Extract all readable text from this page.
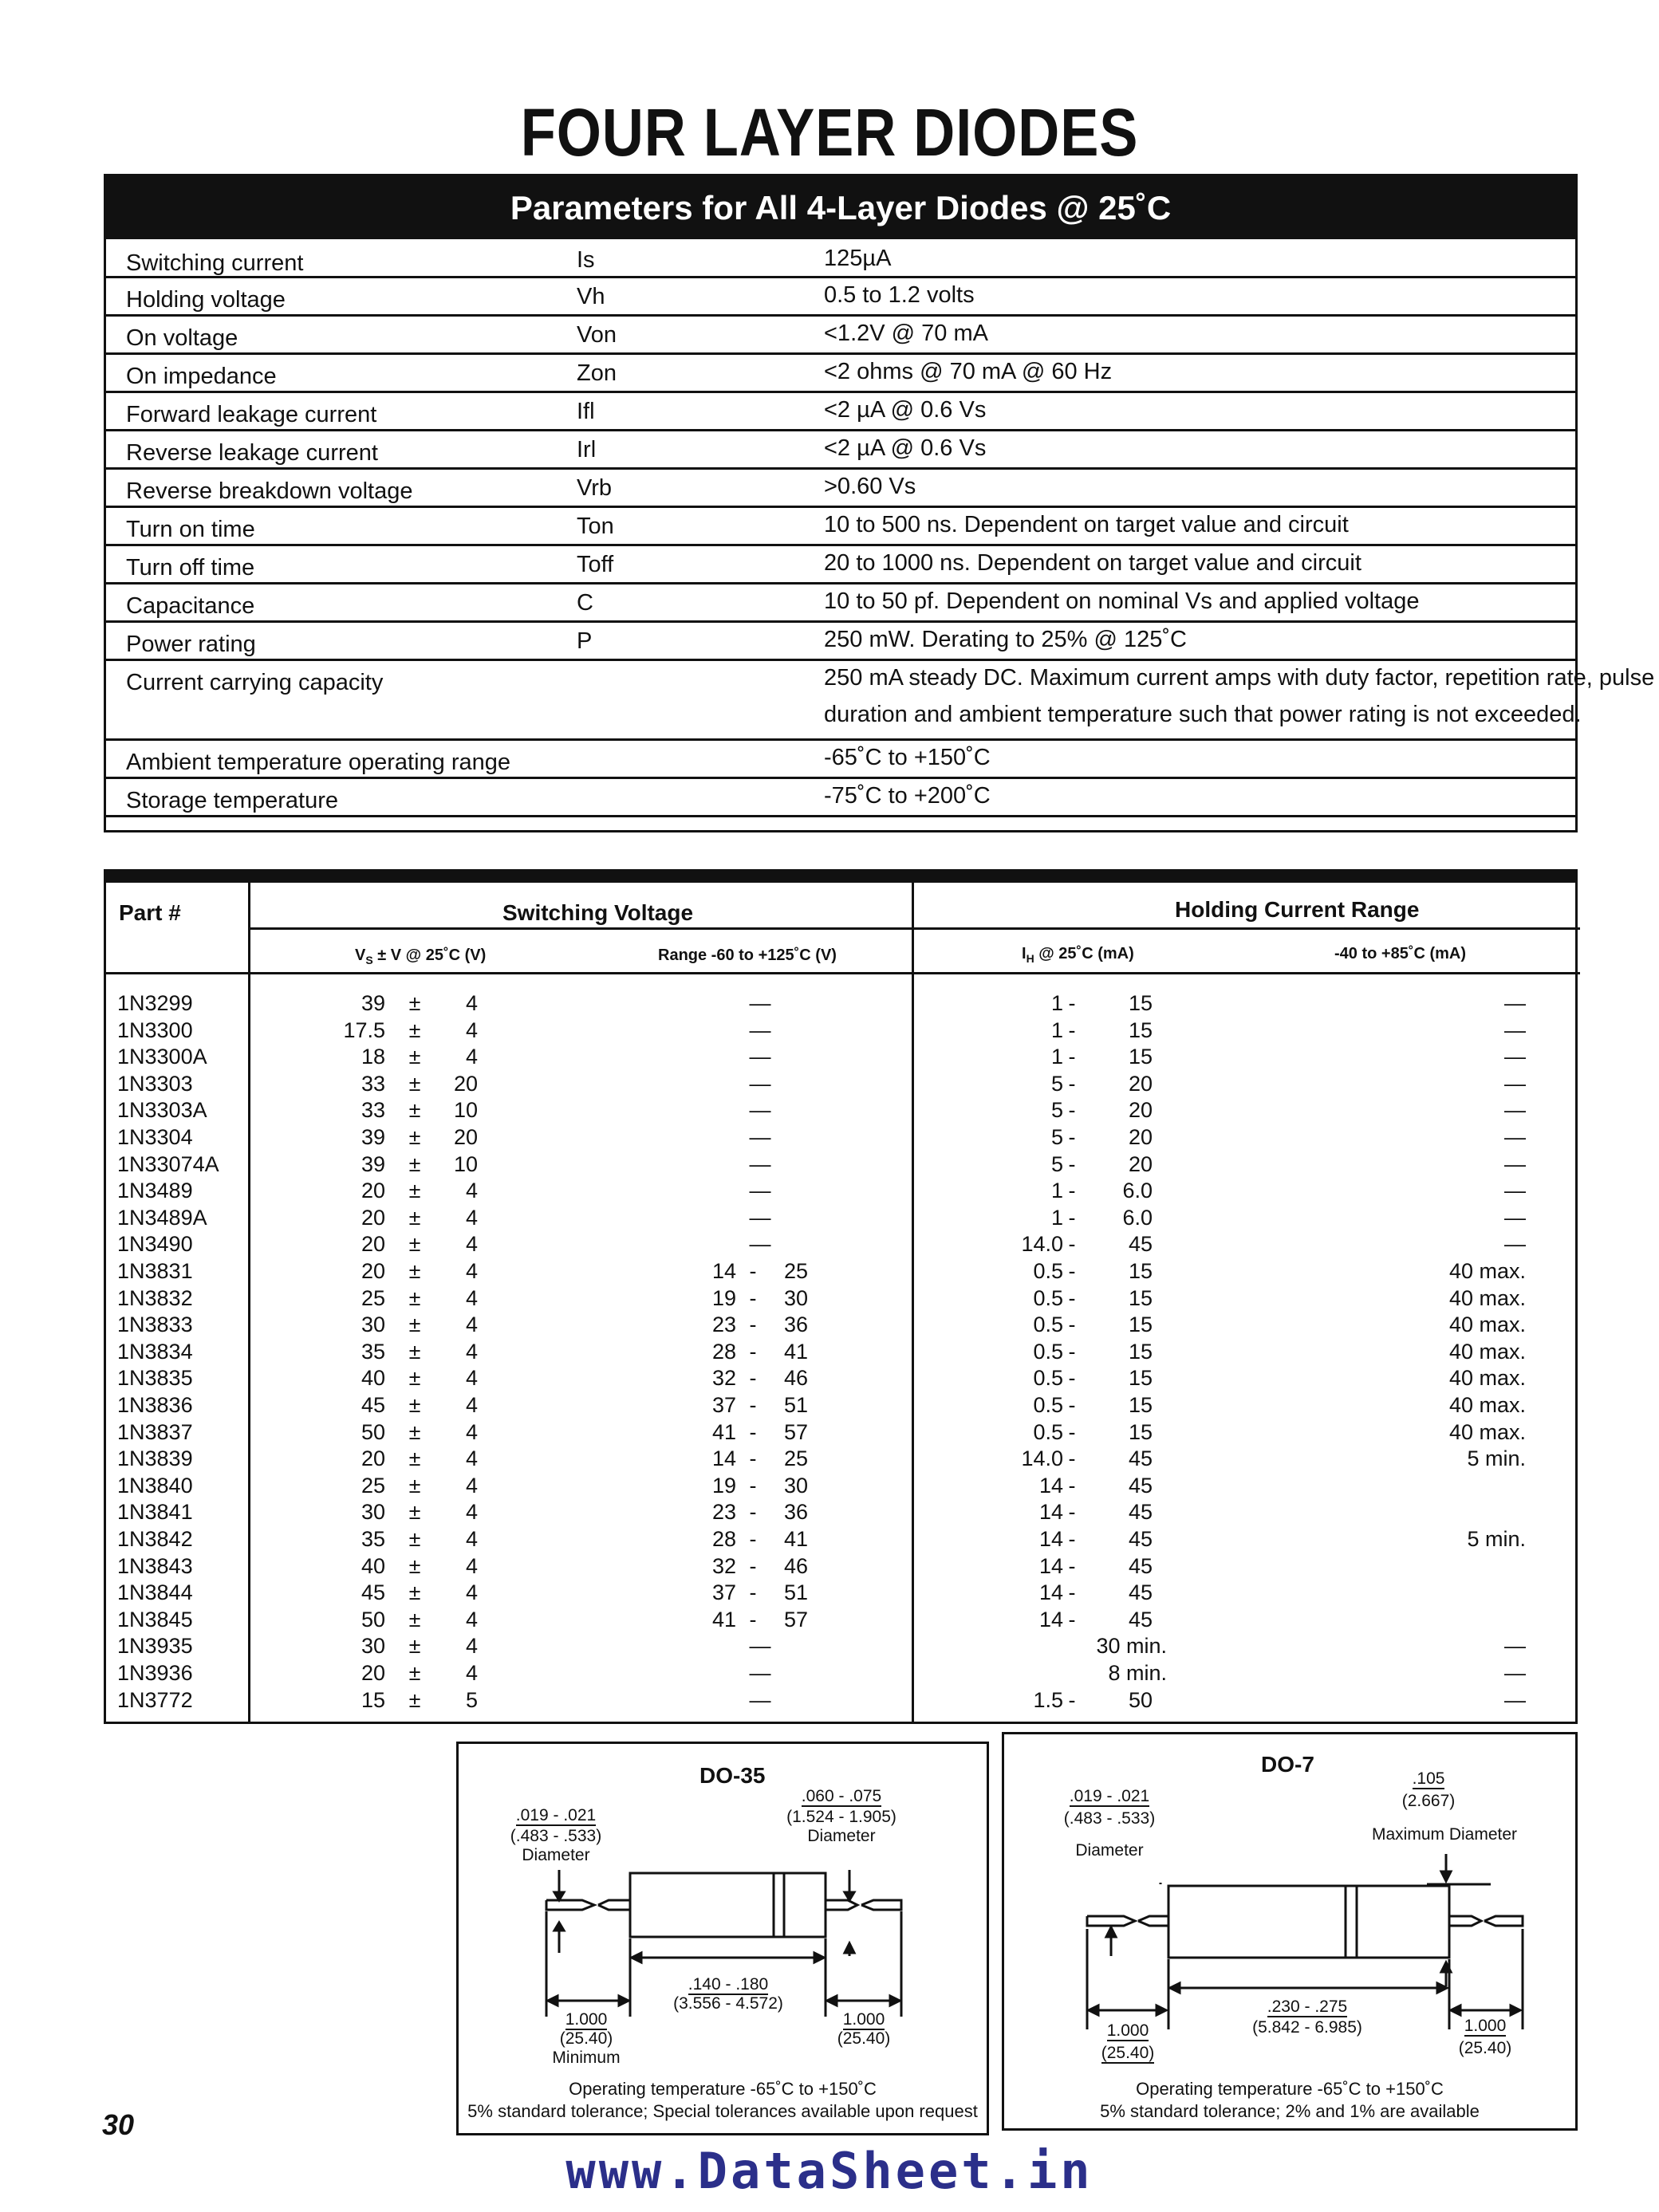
FOUR LAYER DIODES
Parameters for All 4-Layer Diodes @ 25˚C
Switching current	Is	125µA
Holding voltage	Vh	0.5 to 1.2 volts
On voltage	Von	<1.2V @ 70 mA
On impedance	Zon	<2 ohms @ 70 mA @ 60 Hz
Forward leakage current	Ifl	<2 µA @ 0.6 Vs
Reverse leakage current	Irl	<2 µA @ 0.6 Vs
Reverse breakdown voltage	Vrb	>0.60 Vs
Turn on time	Ton	10 to 500 ns. Dependent on target value and circuit
Turn off time	Toff	20 to 1000 ns. Dependent on target value and circuit
Capacitance	C	10 to 50 pf. Dependent on nominal Vs and applied voltage
Power rating	P	250 mW. Derating to 25% @ 125˚C
Current carrying capacity	250 mA steady DC. Maximum current amps with duty factor, repetition rate, pulse
duration and ambient temperature such that power rating is not exceeded.
Ambient temperature operating range	-65˚C to +150˚C
Storage temperature	-75˚C to +200˚C
Part #	Switching Voltage	Holding Current Range
$V_S \pm V$ @ 25˚C (V)	Range -60 to +125˚C (V)	$I_H$ @ 25˚C (mA)	-40 to +85˚C (mA)
1N3299	39 ±	4	—	1 -	15	—
1N3300	17.5 ±	4	—	1 -	15	—
1N3300A	18 ±	4	—	1 -	15	—
1N3303	33 ±	20	—	5 -	20	—
1N3303A	33 ±	10	—	5 -	20	—
1N3304	39 ±	20	—	5 -	20	—
1N33074A	39 ±	10	—	5 -	20	—
1N3489	20 ±	4	—	1 -	6.0	—
1N3489A	20 ±	4	—	1 -	6.0	—
1N3490	20 ±	4	—	14.0 -	45	—
1N3831	20 ±	4	14 -	25	0.5 -	15	40 max.
1N3832	25 ±	4	19 -	30	0.5 -	15	40 max.
1N3833	30 ±	4	23 -	36	0.5 -	15	40 max.
1N3834	35 ±	4	28 -	41	0.5 -	15	40 max.
1N3835	40 ±	4	32 -	46	0.5 -	15	40 max.
1N3836	45 ±	4	37 -	51	0.5 -	15	40 max.
1N3837	50 ±	4	41 -	57	0.5 -	15	40 max.
1N3839	20 ±	4	14 -	25	14.0 -	45	5 min.
1N3840	25 ±	4	19 -	30	14 -	45
1N3841	30 ±	4	23 -	36	14 -	45
1N3842	35 ±	4	28 -	41	14 -	45	5 min.
1N3843	40 ±	4	32 -	46	14 -	45
1N3844	45 ±	4	37 -	51	14 -	45
1N3845	50 ±	4	41 -	57	14 -	45
1N3935	30 ±	4	—	30 min.	—
1N3936	20 ±	4	—	8 min.	—
1N3772	15 ±	5	—	1.5 -	50	—
DO-35
.019 - .021
(.483 - .533)
Diameter
.060 - .075
(1.524 - 1.905)
Diameter
.140 - .180
(3.556 - 4.572)
1.000
(25.40)
Minimum
1.000
(25.40)
Operating temperature -65˚C to +150˚C
5% standard tolerance; Special tolerances available upon request
DO-7
.019 - .021
(.483 - .533)
Diameter
.105
(2.667)
Maximum Diameter
.230 - .275
(5.842 - 6.985)
1.000
(25.40)
1.000
(25.40)
Operating temperature -65˚C to +150˚C
5% standard tolerance; 2% and 1% are available
30
www.DataSheet.in
